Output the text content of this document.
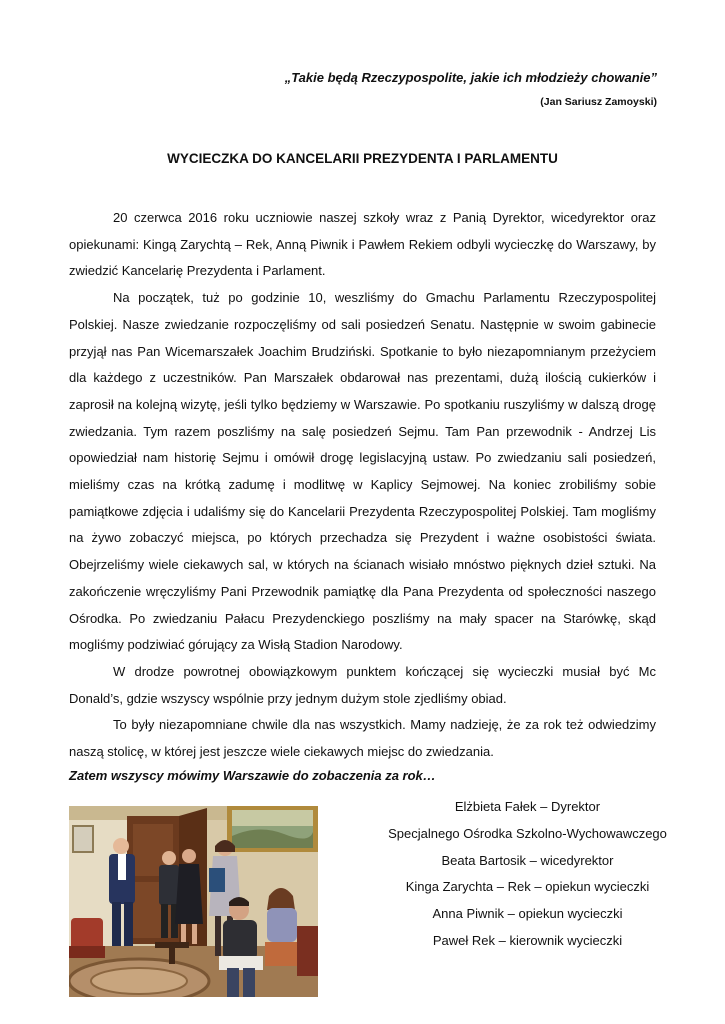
„Takie będą Rzeczypospolite, jakie ich młodzieży chowanie”
(Jan Sariusz Zamoyski)
WYCIECZKA DO KANCELARII PREZYDENTA I PARLAMENTU

20 czerwca 2016 roku uczniowie naszej szkoły wraz z Panią Dyrektor, wicedyrektor oraz opiekunami: Kingą Zarychtą – Rek, Anną Piwnik i Pawłem Rekiem odbyli wycieczkę do Warszawy, by zwiedzić Kancelarię Prezydenta i Parlament.

Na początek, tuż po godzinie 10, weszliśmy do Gmachu Parlamentu Rzeczypospolitej Polskiej. Nasze zwiedzanie rozpoczęliśmy od sali posiedzeń Senatu. Następnie w swoim gabinecie przyjął nas Pan Wicemarszałek Joachim Brudziński. Spotkanie to było niezapomnianym przeżyciem dla każdego z uczestników. Pan Marszałek obdarował nas prezentami, dużą ilością cukierków i zaprosił na kolejną wizytę, jeśli tylko będziemy w Warszawie. Po spotkaniu ruszyliśmy w dalszą drogę zwiedzania. Tym razem poszliśmy na salę posiedzeń Sejmu. Tam Pan przewodnik - Andrzej Lis opowiedział nam historię Sejmu i omówił drogę legislacyjną ustaw. Po zwiedzaniu sali posiedzeń, mieliśmy czas na krótką zadumę i modlitwę w Kaplicy Sejmowej. Na koniec zrobiliśmy sobie pamiątkowe zdjęcia i udaliśmy się do Kancelarii Prezydenta Rzeczypospolitej Polskiej. Tam mogliśmy na żywo zobaczyć miejsca, po których przechadza się Prezydent i ważne osobistości świata. Obejrzeliśmy wiele ciekawych sal, w których na ścianach wisiało mnóstwo pięknych dzieł sztuki. Na zakończenie wręczyliśmy Pani Przewodnik pamiątkę dla Pana Prezydenta od społeczności naszego Ośrodka. Po zwiedzaniu Pałacu Prezydenckiego poszliśmy na mały spacer na Starówkę, skąd mogliśmy podziwiać górujący za Wisłą Stadion Narodowy.

W drodze powrotnej obowiązkowym punktem kończącej się wycieczki musiał być Mc Donald’s, gdzie wszyscy wspólnie przy jednym dużym stole zjedliśmy obiad.

To były niezapomniane chwile dla nas wszystkich. Mamy nadzieję, że za rok też odwiedzimy naszą stolicę, w której jest jeszcze wiele ciekawych miejsc do zwiedzania.

Zatem wszyscy mówimy Warszawie do zobaczenia za rok…
Elżbieta Fałek – Dyrektor
Specjalnego Ośrodka Szkolno-Wychowawczego
Beata Bartosik – wicedyrektor
Kinga Zarychta – Rek – opiekun wycieczki
Anna Piwnik – opiekun wycieczki
Paweł Rek – kierownik wycieczki
